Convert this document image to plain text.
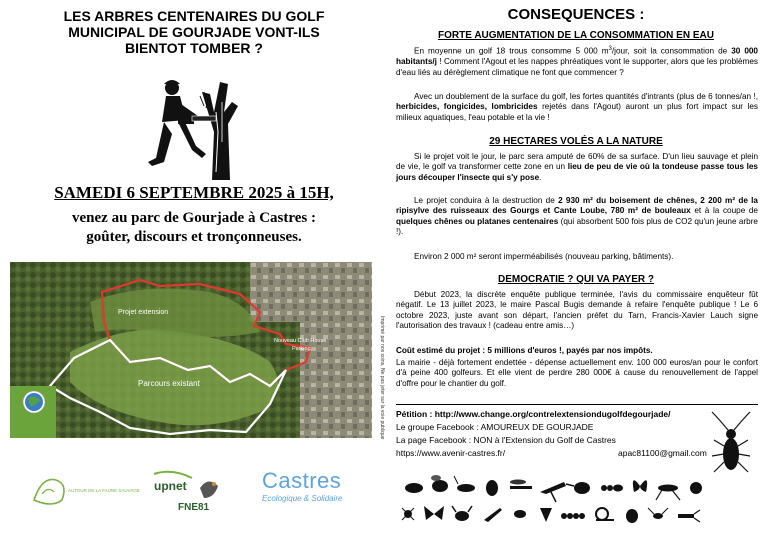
LES ARBRES CENTENAIRES DU GOLF
MUNICIPAL DE GOURJADE VONT-ILS
BIENTOT TOMBER ?
SAMEDI 6 SEPTEMBRE 2025 à 15H,
venez au parc de Gourjade à Castres :
goûter, discours et tronçonneuses.
Projet extension
Nouveau Club House
Parking
Parcours existant	Imprimé par nos soins, Ne pas jeter sur la voie publique
AUTOUR DE LA FAUNE SAUVAGE upnet
FNE81
Castres
Ecologique & Solidaire
CONSEQUENCES :
FORTE AUGMENTATION DE LA CONSOMMATION EN EAU

En moyenne un golf 18 trous consomme 5 000 $m^3$/jour, soit la consommation de 30 000 habitants/j ! Comment l'Agout et les nappes phréatiques vont le supporter, alors que les problèmes d'eau liés au dérèglement climatique ne font que commencer ?

Avec un doublement de la surface du golf, les fortes quantités d'intrants (plus de 6 tonnes/an !, herbicides, fongicides, lombricides rejetés dans l'Agout) auront un plus fort impact sur les milieux aquatiques, l'eau potable et la vie !

29 HECTARES VOLÉS A LA NATURE

Si le projet voit le jour, le parc sera amputé de 60% de sa surface. D'un lieu sauvage et plein de vie, le golf va transformer cette zone en un lieu de peu de vie où la tondeuse passe tous les jours découper l'insecte qui s'y pose.

Le projet conduira à la destruction de 2 930 m² du boisement de chênes, 2 200 m² de la ripisylve des ruisseaux des Gourgs et Cante Loube, 780 m² de bouleaux et à la coupe de quelques chênes ou platanes centenaires (qui absorbent 500 fois plus de CO2 qu'un jeune arbre !).

Environ 2 000 m² seront imperméabilisés (nouveau parking, bâtiments).

DEMOCRATIE ? QUI VA PAYER ?

Début 2023, la discrète enquête publique terminée, l'avis du commissaire enquêteur fût négatif. Le 13 juillet 2023, le maire Pascal Bugis demande à refaire l'enquête publique ! Le 6 octobre 2023, juste avant son départ, l'ancien préfet du Tarn, Francis-Xavier Lauch signe l'autorisation des travaux ! (cadeau entre amis…)

Coût estimé du projet : 5 millions d'euros !, payés par nos impôts.

La mairie - déjà fortement endettée - dépense actuellement env. 100 000 euros/an pour le confort d'à peine 400 golfeurs. Et elle vient de perdre 280 000€ à cause du renouvellement de l'appel d'offre pour le chantier du golf.

Pétition : http://www.change.org/contrelextensiondugolfdegourjade/
Le groupe Facebook : AMOUREUX DE GOURJADE
La page Facebook : NON à l'Extension du Golf de Castres
https://www.avenir-castres.fr/	apac81100@gmail.com
